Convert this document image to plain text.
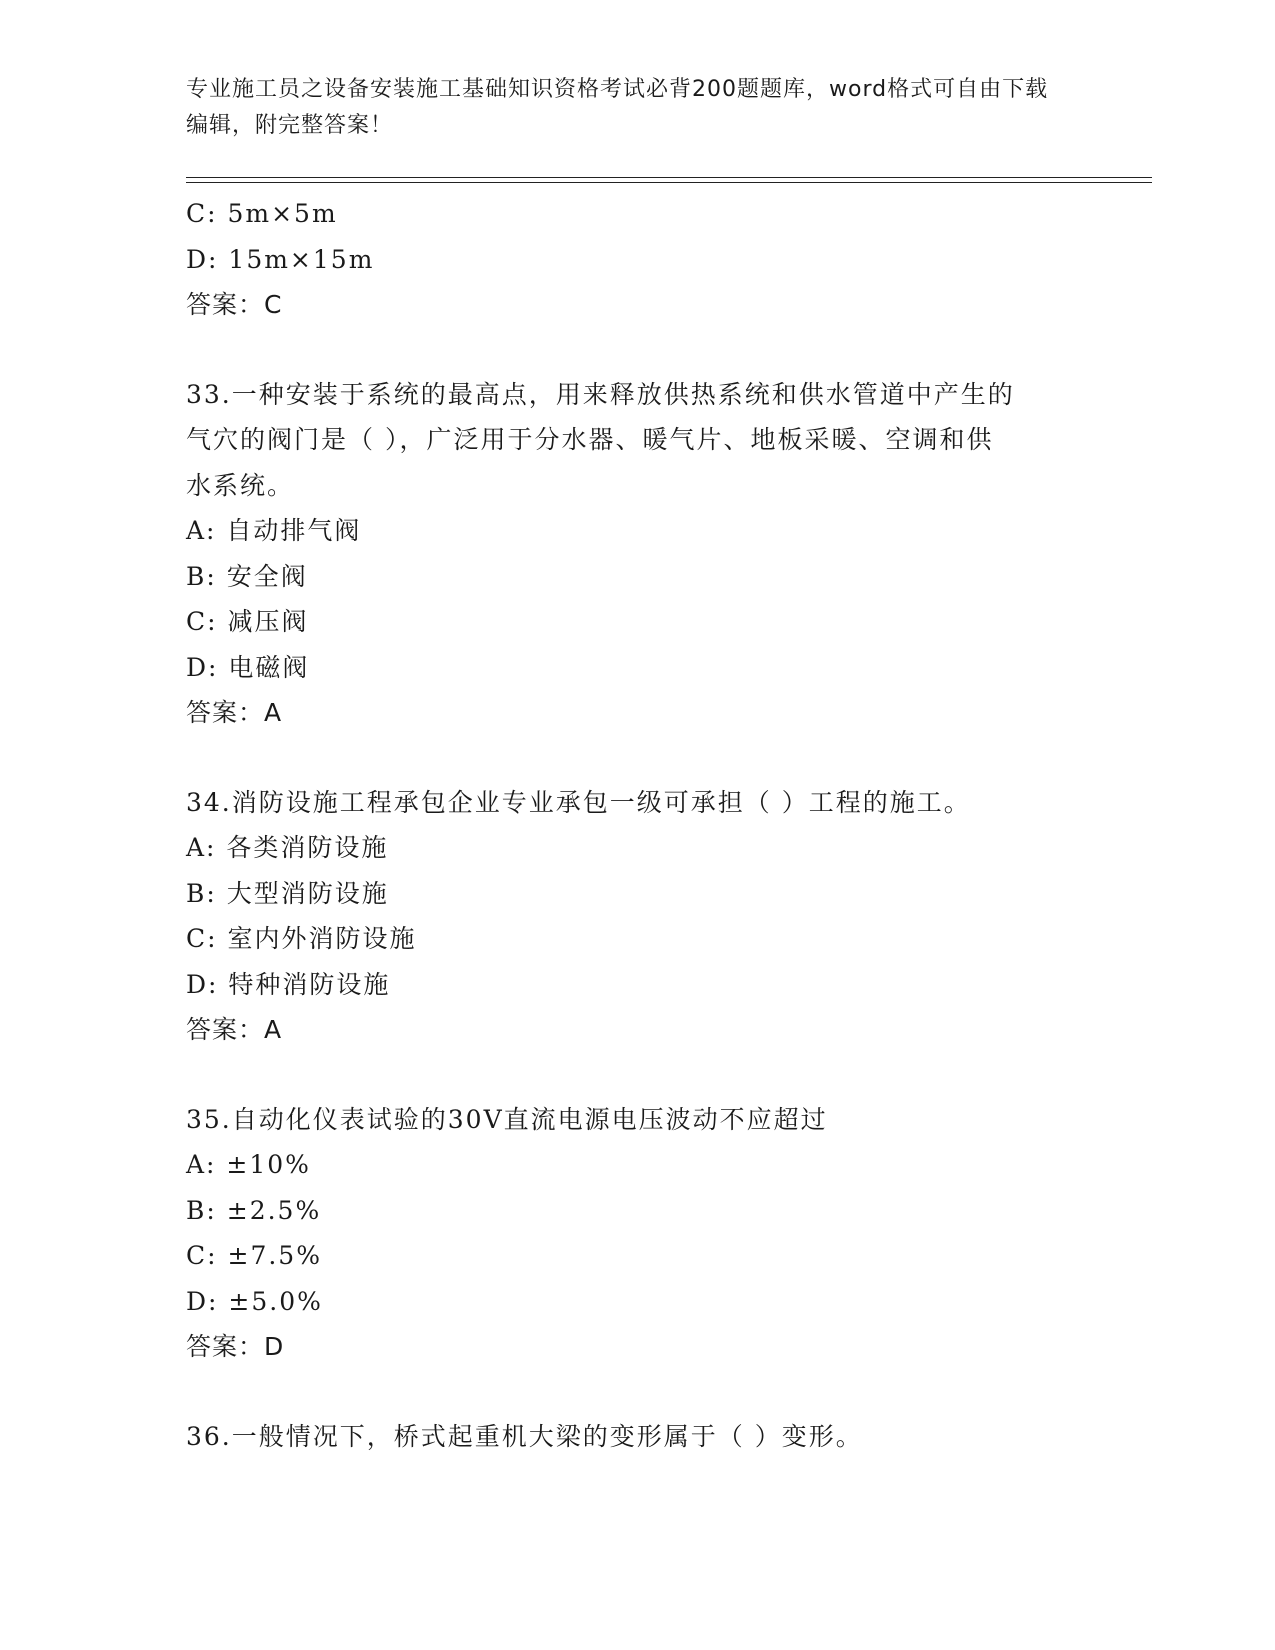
专业施工员之设备安装施工基础知识资格考试必背200题题库，word格式可自由下载编辑，附完整答案！
C: 5m×5m
D: 15m×15m
答案：C
33.一种安装于系统的最高点，用来释放供热系统和供水管道中产生的
气穴的阀门是（ ），广泛用于分水器、暖气片、地板采暖、空调和供
水系统。
A: 自动排气阀
B: 安全阀
C: 减压阀
D: 电磁阀
答案：A
34.消防设施工程承包企业专业承包一级可承担（ ）工程的施工。
A: 各类消防设施
B: 大型消防设施
C: 室内外消防设施
D: 特种消防设施
答案：A
35.自动化仪表试验的30V直流电源电压波动不应超过
A: ±10%
B: ±2.5%
C: ±7.5%
D: ±5.0%
答案：D
36.一般情况下，桥式起重机大梁的变形属于（ ）变形。
